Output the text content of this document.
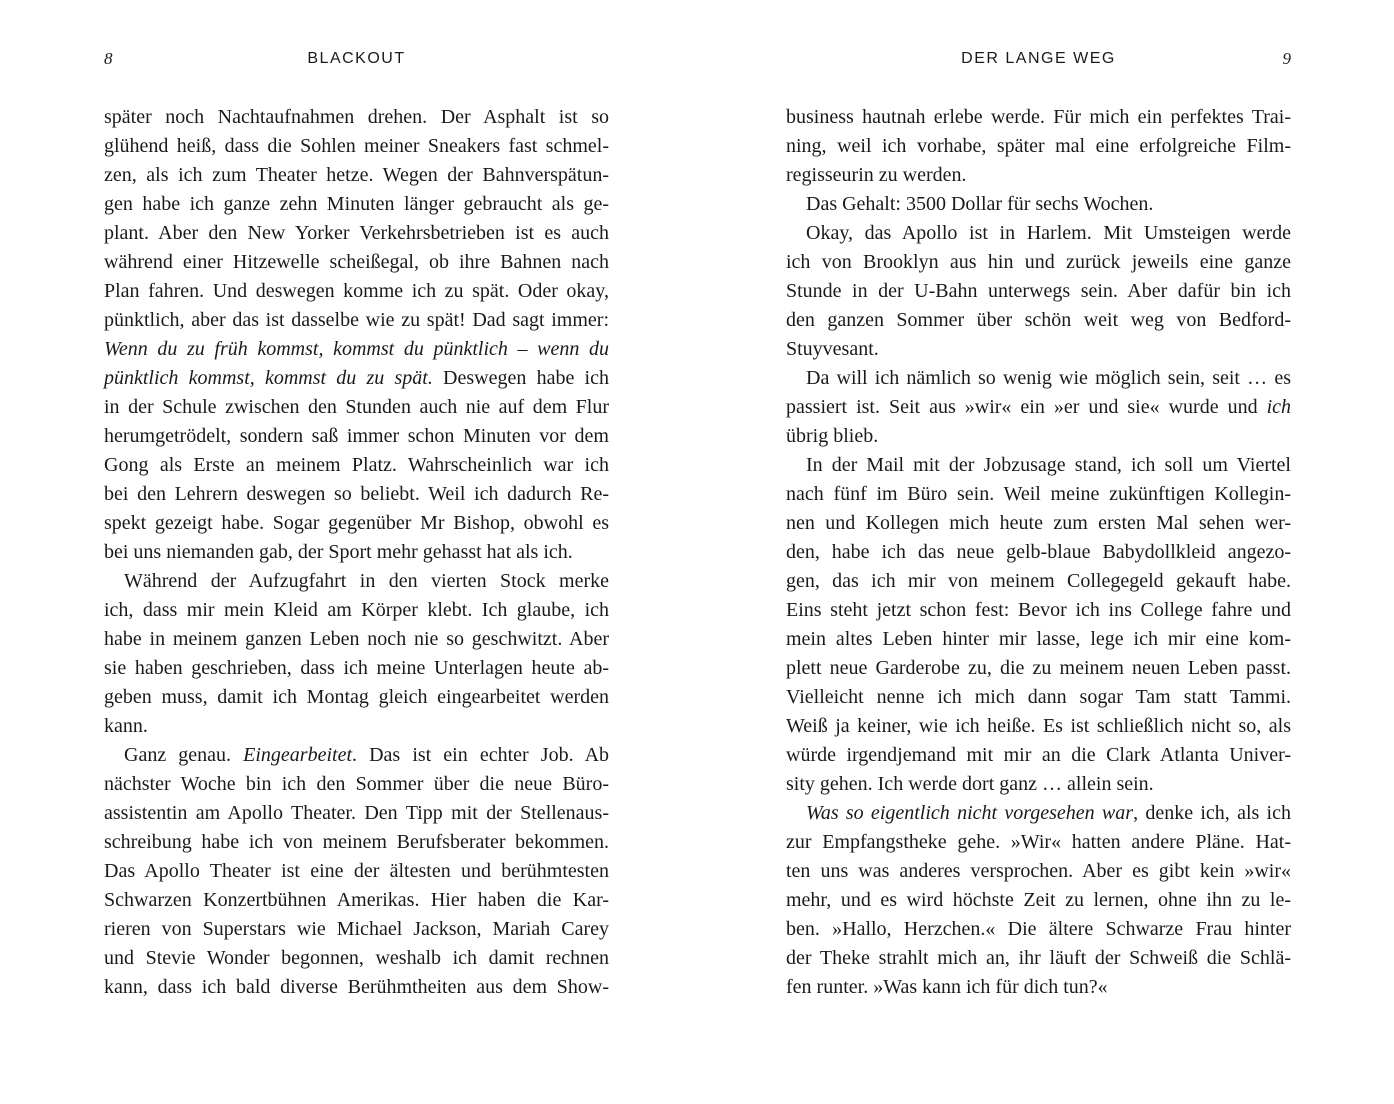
8	BLACKOUT
später noch Nachtaufnahmen drehen. Der Asphalt ist so
glühend heiß, dass die Sohlen meiner Sneakers fast schmel-
zen, als ich zum Theater hetze. Wegen der Bahnverspätun-
gen habe ich ganze zehn Minuten länger gebraucht als ge-
plant. Aber den New Yorker Verkehrsbetrieben ist es auch
während einer Hitzewelle scheißegal, ob ihre Bahnen nach
Plan fahren. Und deswegen komme ich zu spät. Oder okay,
pünktlich, aber das ist dasselbe wie zu spät! Dad sagt immer:
Wenn du zu früh kommst, kommst du pünktlich – wenn du
pünktlich kommst, kommst du zu spät. Deswegen habe ich
in der Schule zwischen den Stunden auch nie auf dem Flur
herumgetrödelt, sondern saß immer schon Minuten vor dem
Gong als Erste an meinem Platz. Wahrscheinlich war ich
bei den Lehrern deswegen so beliebt. Weil ich dadurch Re-
spekt gezeigt habe. Sogar gegenüber Mr Bishop, obwohl es
bei uns niemanden gab, der Sport mehr gehasst hat als ich.
Während der Aufzugfahrt in den vierten Stock merke
ich, dass mir mein Kleid am Körper klebt. Ich glaube, ich
habe in meinem ganzen Leben noch nie so geschwitzt. Aber
sie haben geschrieben, dass ich meine Unterlagen heute ab-
geben muss, damit ich Montag gleich eingearbeitet werden
kann.
Ganz genau. Eingearbeitet. Das ist ein echter Job. Ab
nächster Woche bin ich den Sommer über die neue Büro-
assistentin am Apollo Theater. Den Tipp mit der Stellenaus-
schreibung habe ich von meinem Berufsberater bekommen.
Das Apollo Theater ist eine der ältesten und berühmtesten
Schwarzen Konzertbühnen Amerikas. Hier haben die Kar-
rieren von Superstars wie Michael Jackson, Mariah Carey
und Stevie Wonder begonnen, weshalb ich damit rechnen
kann, dass ich bald diverse Berühmtheiten aus dem Show-
DER LANGE WEG	9
business hautnah erlebe werde. Für mich ein perfektes Trai-
ning, weil ich vorhabe, später mal eine erfolgreiche Film-
regisseurin zu werden.
Das Gehalt: 3500 Dollar für sechs Wochen.
Okay, das Apollo ist in Harlem. Mit Umsteigen werde
ich von Brooklyn aus hin und zurück jeweils eine ganze
Stunde in der U-Bahn unterwegs sein. Aber dafür bin ich
den ganzen Sommer über schön weit weg von Bedford-
Stuyvesant.
Da will ich nämlich so wenig wie möglich sein, seit … es
passiert ist. Seit aus »wir« ein »er und sie« wurde und ich
übrig blieb.
In der Mail mit der Jobzusage stand, ich soll um Viertel
nach fünf im Büro sein. Weil meine zukünftigen Kollegin-
nen und Kollegen mich heute zum ersten Mal sehen wer-
den, habe ich das neue gelb-blaue Babydollkleid angezo-
gen, das ich mir von meinem Collegegeld gekauft habe.
Eins steht jetzt schon fest: Bevor ich ins College fahre und
mein altes Leben hinter mir lasse, lege ich mir eine kom-
plett neue Garderobe zu, die zu meinem neuen Leben passt.
Vielleicht nenne ich mich dann sogar Tam statt Tammi.
Weiß ja keiner, wie ich heiße. Es ist schließlich nicht so, als
würde irgendjemand mit mir an die Clark Atlanta Univer-
sity gehen. Ich werde dort ganz … allein sein.
Was so eigentlich nicht vorgesehen war, denke ich, als ich
zur Empfangstheke gehe. »Wir« hatten andere Pläne. Hat-
ten uns was anderes versprochen. Aber es gibt kein »wir«
mehr, und es wird höchste Zeit zu lernen, ohne ihn zu le-
ben. »Hallo, Herzchen.« Die ältere Schwarze Frau hinter
der Theke strahlt mich an, ihr läuft der Schweiß die Schlä-
fen runter. »Was kann ich für dich tun?«
